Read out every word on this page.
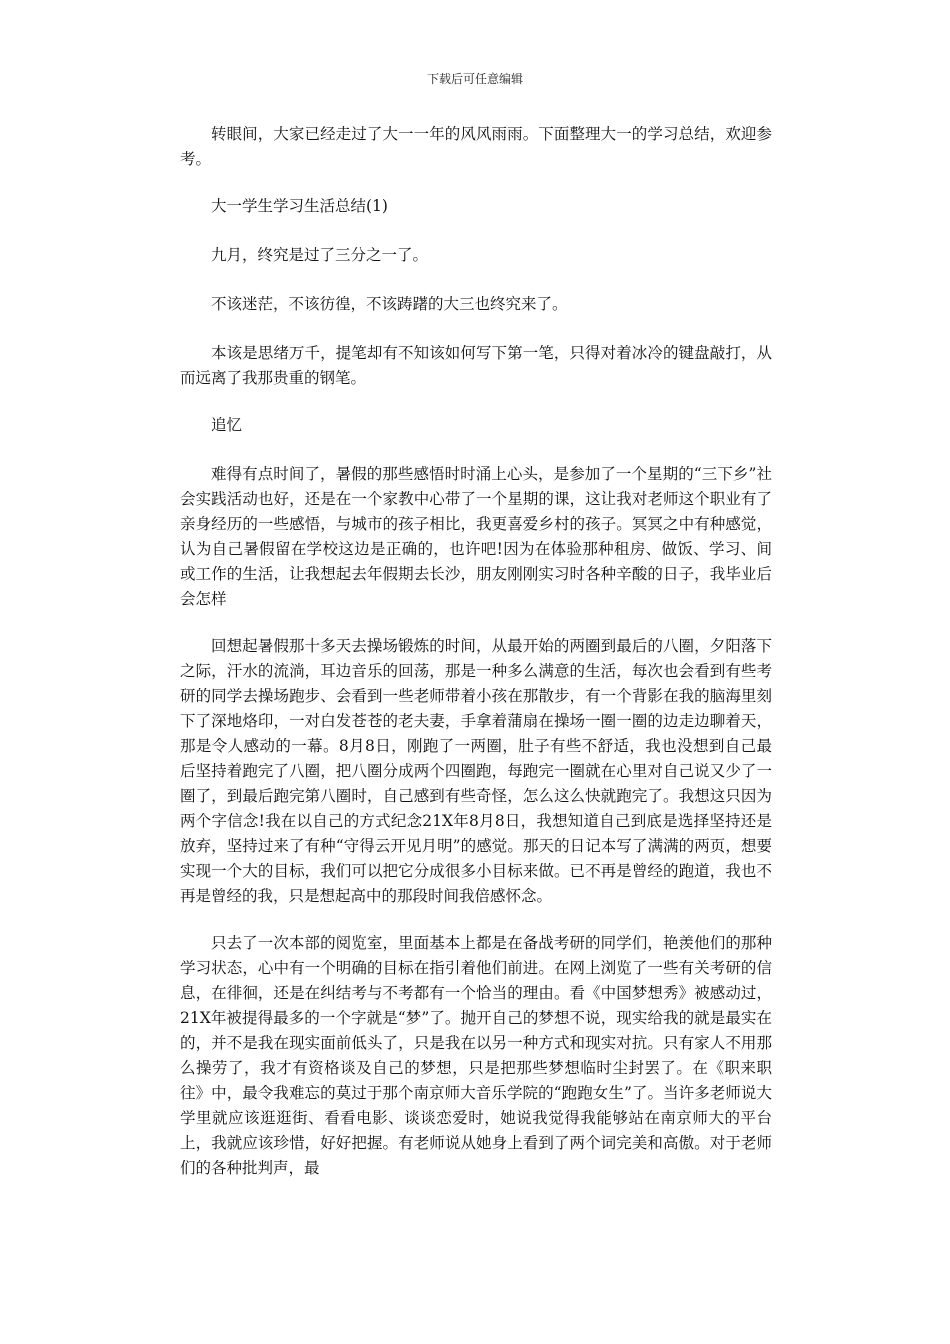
下载后可任意编辑

转眼间，大家已经走过了大一一年的风风雨雨。下面整理大一的学习总结，欢迎参考。

大一学生学习生活总结(1)

九月，终究是过了三分之一了。

不该迷茫，不该彷徨，不该踌躇的大三也终究来了。

本该是思绪万千，提笔却有不知该如何写下第一笔，只得对着冰冷的键盘敲打，从而远离了我那贵重的钢笔。

追忆

难得有点时间了，暑假的那些感悟时时涌上心头，是参加了一个星期的“三下乡”社会实践活动也好，还是在一个家教中心带了一个星期的课，这让我对老师这个职业有了亲身经历的一些感悟，与城市的孩子相比，我更喜爱乡村的孩子。冥冥之中有种感觉，认为自己暑假留在学校这边是正确的，也许吧!因为在体验那种租房、做饭、学习、间或工作的生活，让我想起去年假期去长沙，朋友刚刚实习时各种辛酸的日子，我毕业后会怎样

回想起暑假那十多天去操场锻炼的时间，从最开始的两圈到最后的八圈，夕阳落下之际，汗水的流淌，耳边音乐的回荡，那是一种多么满意的生活，每次也会看到有些考研的同学去操场跑步、会看到一些老师带着小孩在那散步，有一个背影在我的脑海里刻下了深地烙印，一对白发苍苍的老夫妻，手拿着蒲扇在操场一圈一圈的边走边聊着天，那是令人感动的一幕。8月8日，刚跑了一两圈，肚子有些不舒适，我也没想到自己最后坚持着跑完了八圈，把八圈分成两个四圈跑，每跑完一圈就在心里对自己说又少了一圈了，到最后跑完第八圈时，自己感到有些奇怪，怎么这么快就跑完了。我想这只因为两个字信念!我在以自己的方式纪念21X年8月8日，我想知道自己到底是选择坚持还是放弃，坚持过来了有种“守得云开见月明”的感觉。那天的日记本写了满满的两页，想要实现一个大的目标，我们可以把它分成很多小目标来做。已不再是曾经的跑道，我也不再是曾经的我，只是想起高中的那段时间我倍感怀念。

只去了一次本部的阅览室，里面基本上都是在备战考研的同学们，艳羡他们的那种学习状态，心中有一个明确的目标在指引着他们前进。在网上浏览了一些有关考研的信息，在徘徊，还是在纠结考与不考都有一个恰当的理由。看《中国梦想秀》被感动过，21X年被提得最多的一个字就是“梦”了。抛开自己的梦想不说，现实给我的就是最实在的，并不是我在现实面前低头了，只是我在以另一种方式和现实对抗。只有家人不用那么操劳了，我才有资格谈及自己的梦想，只是把那些梦想临时尘封罢了。在《职来职往》中，最令我难忘的莫过于那个南京师大音乐学院的“跑跑女生”了。当许多老师说大学里就应该逛逛街、看看电影、谈谈恋爱时，她说我觉得我能够站在南京师大的平台上，我就应该珍惜，好好把握。有老师说从她身上看到了两个词完美和高傲。对于老师们的各种批判声，最
